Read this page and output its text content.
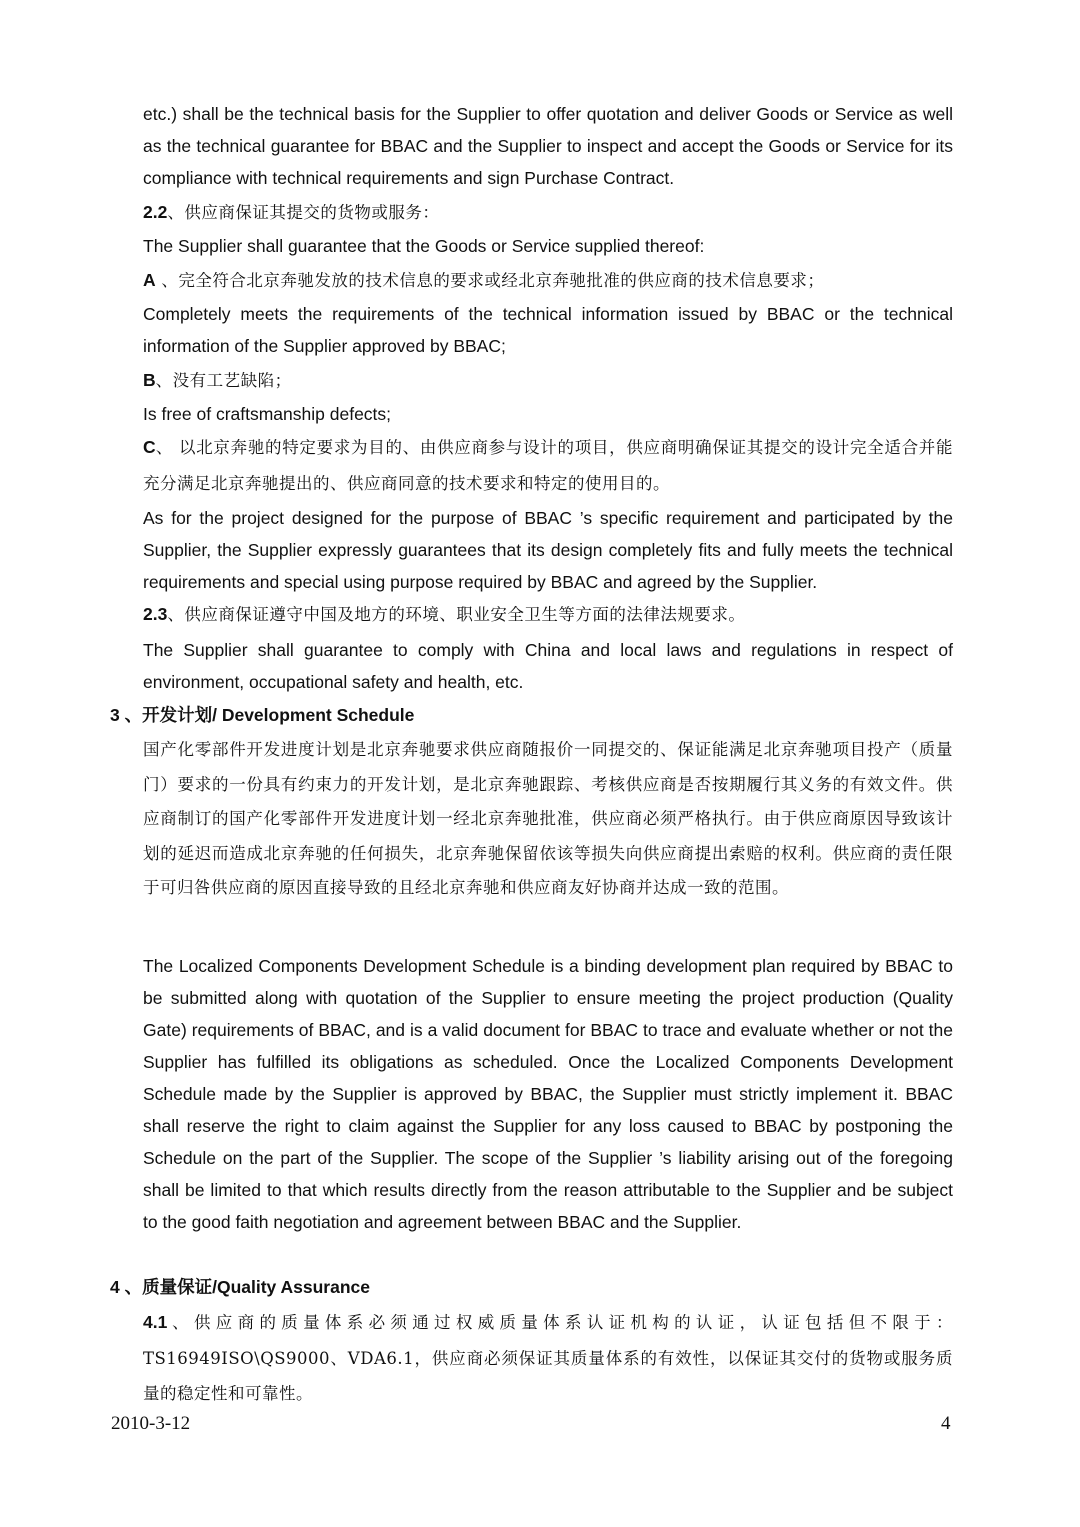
etc.) shall be the technical basis for the Supplier to offer quotation and deliver Goods or Service as well as the technical guarantee for BBAC and the Supplier to inspect and accept the Goods or Service for its compliance with technical requirements and sign Purchase Contract.

2.2、供应商保证其提交的货物或服务：

The Supplier shall guarantee that the Goods or Service supplied thereof:

A 、完全符合北京奔驰发放的技术信息的要求或经北京奔驰批准的供应商的技术信息要求；

Completely meets the requirements of the technical information issued by BBAC or the technical information of the Supplier approved by BBAC;

B、没有工艺缺陷；

Is free of craftsmanship defects;

C、 以北京奔驰的特定要求为目的、由供应商参与设计的项目，供应商明确保证其提交的设计完全适合并能充分满足北京奔驰提出的、供应商同意的技术要求和特定的使用目的。

As for the project designed for the purpose of BBAC ’s specific requirement and participated by the Supplier, the Supplier expressly guarantees that its design completely fits and fully meets the technical requirements and special using purpose required by BBAC and agreed by the Supplier.

2.3、供应商保证遵守中国及地方的环境、职业安全卫生等方面的法律法规要求。

The Supplier shall guarantee to comply with China and local laws and regulations in respect of environment, occupational safety and health, etc.

3 、开发计划/ Development Schedule

国产化零部件开发进度计划是北京奔驰要求供应商随报价一同提交的、保证能满足北京奔驰项目投产（质量门）要求的一份具有约束力的开发计划，是北京奔驰跟踪、考核供应商是否按期履行其义务的有效文件。供应商制订的国产化零部件开发进度计划一经北京奔驰批准，供应商必须严格执行。由于供应商原因导致该计划的延迟而造成北京奔驰的任何损失，北京奔驰保留依该等损失向供应商提出索赔的权利。供应商的责任限于可归咎供应商的原因直接导致的且经北京奔驰和供应商友好协商并达成一致的范围。

The Localized Components Development Schedule is a binding development plan required by BBAC to be submitted along with quotation of the Supplier to ensure meeting the project production (Quality Gate) requirements of BBAC, and is a valid document for BBAC to trace and evaluate whether or not the Supplier has fulfilled its obligations as scheduled. Once the Localized Components Development Schedule made by the Supplier is approved by BBAC, the Supplier must strictly implement it. BBAC shall reserve the right to claim against the Supplier for any loss caused to BBAC by postponing the Schedule on the part of the Supplier. The scope of the Supplier ’s liability arising out of the foregoing shall be limited to that which results directly from the reason attributable to the Supplier and be subject to the good faith negotiation and agreement between BBAC and the Supplier.

4 、质量保证/Quality Assurance

4.1、供应商的质量体系必须通过权威质量体系认证机构的认证，认证包括但不限于：TS16949ISO\QS9000、VDA6.1，供应商必须保证其质量体系的有效性，以保证其交付的货物或服务质量的稳定性和可靠性。

2010-3-12	4
